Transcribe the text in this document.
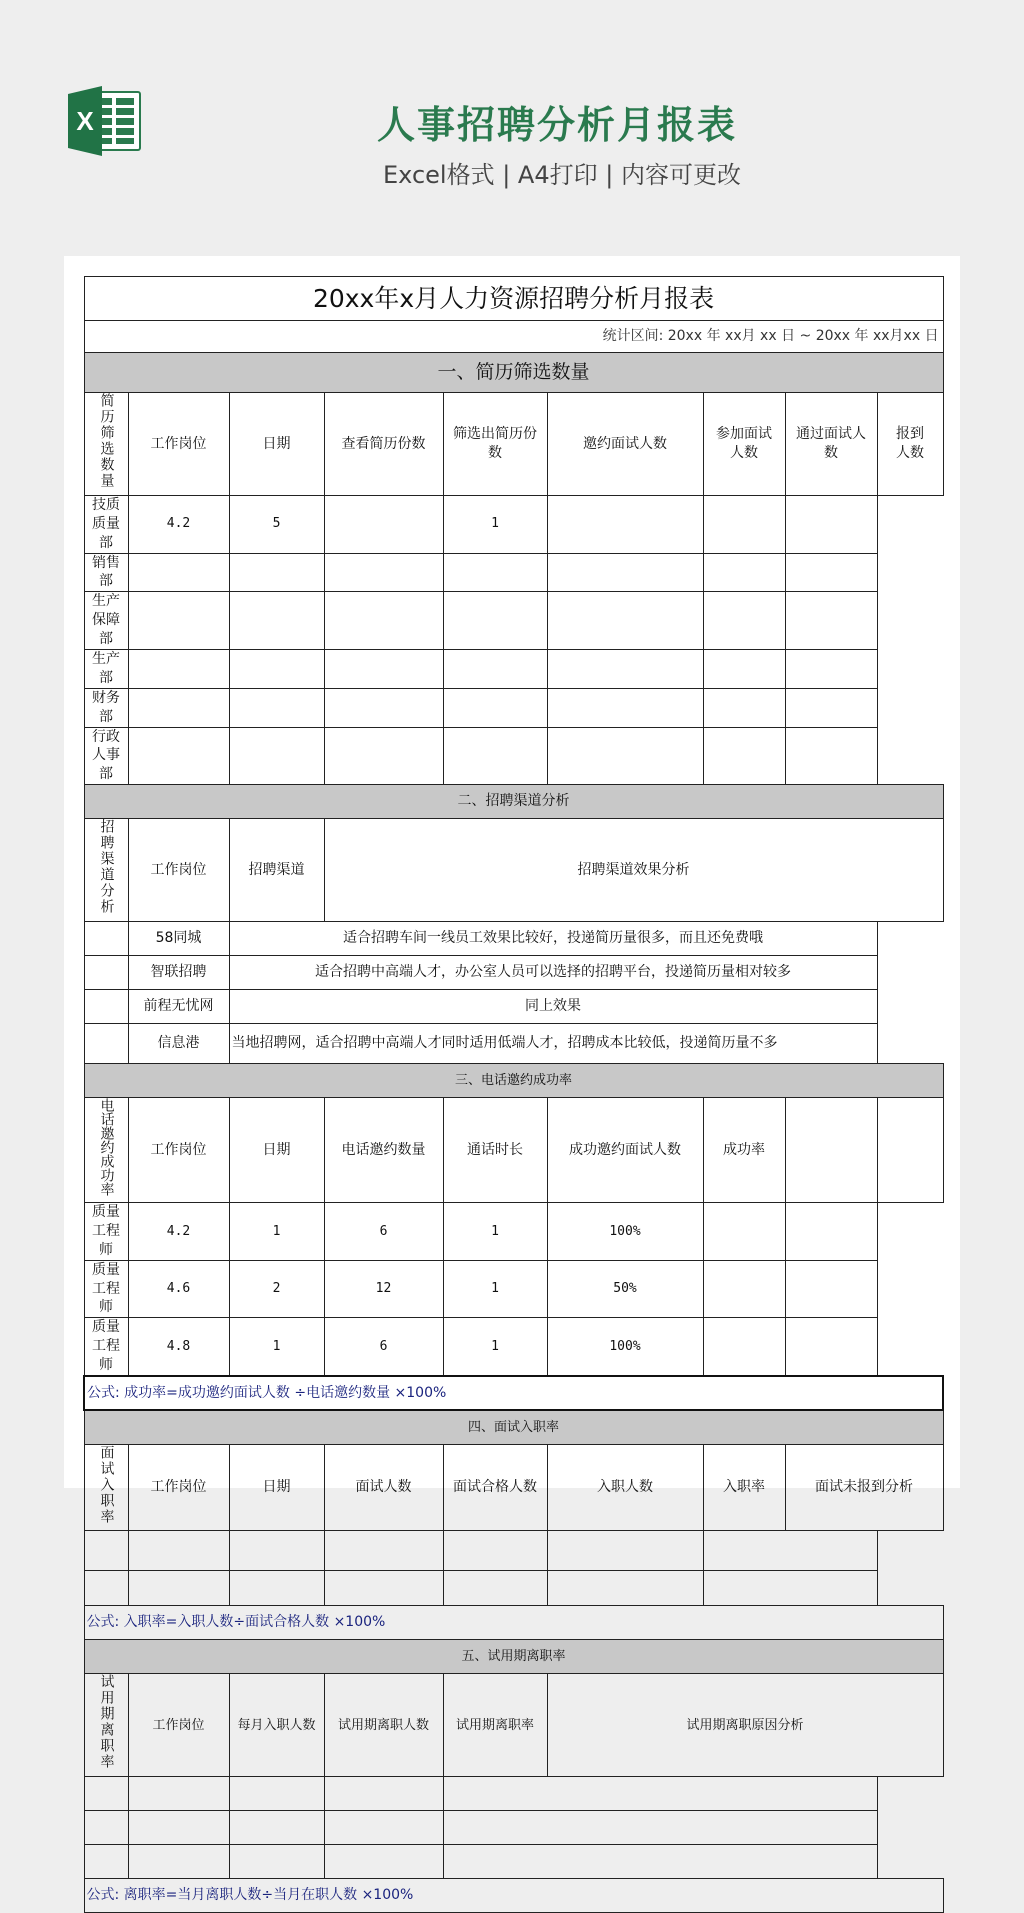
X	人事招聘分析月报表
Excel格式 | A4打印 | 内容可更改
20xx年x月人力资源招聘分析月报表								
统计区间: 20xx 年 xx月 xx 日 ~ 20xx 年 xx月xx 日								
一、简历筛选数量								
简历筛选数量	工作岗位	日期	查看简历份数	筛选出简历份数	邀约面试人数	参加面试人数	通过面试人数	报到人数
技质质量部	4.2	5		1				
销售部								
生产保障部								
生产部								
财务部								
行政人事部								
二、招聘渠道分析								
招聘渠道分析	工作岗位	招聘渠道	招聘渠道效果分析					
	58同城	适合招聘车间一线员工效果比较好，投递简历量很多，而且还免费哦						
	智联招聘	适合招聘中高端人才，办公室人员可以选择的招聘平台，投递简历量相对较多						
	前程无忧网	同上效果						
	信息港	当地招聘网，适合招聘中高端人才同时适用低端人才，招聘成本比较低，投递简历量不多						
三、电话邀约成功率								
电话邀约成功率	工作岗位	日期	电话邀约数量	通话时长	成功邀约面试人数	成功率		
质量工程师	4.2	1	6	1	100%			
质量工程师	4.6	2	12	1	50%			
质量工程师	4.8	1	6	1	100%			
公式: 成功率=成功邀约面试人数 ÷电话邀约数量 ×100%								
四、面试入职率								
面试入职率	工作岗位	日期	面试人数	面试合格人数	入职人数	入职率	面试未报到分析	

公式: 入职率=入职人数÷面试合格人数 ×100%								
五、试用期离职率								
试用期离职率	工作岗位	每月入职人数	试用期离职人数	试用期离职率	试用期离职原因分析			

公式: 离职率=当月离职人数÷当月在职人数 ×100%								
